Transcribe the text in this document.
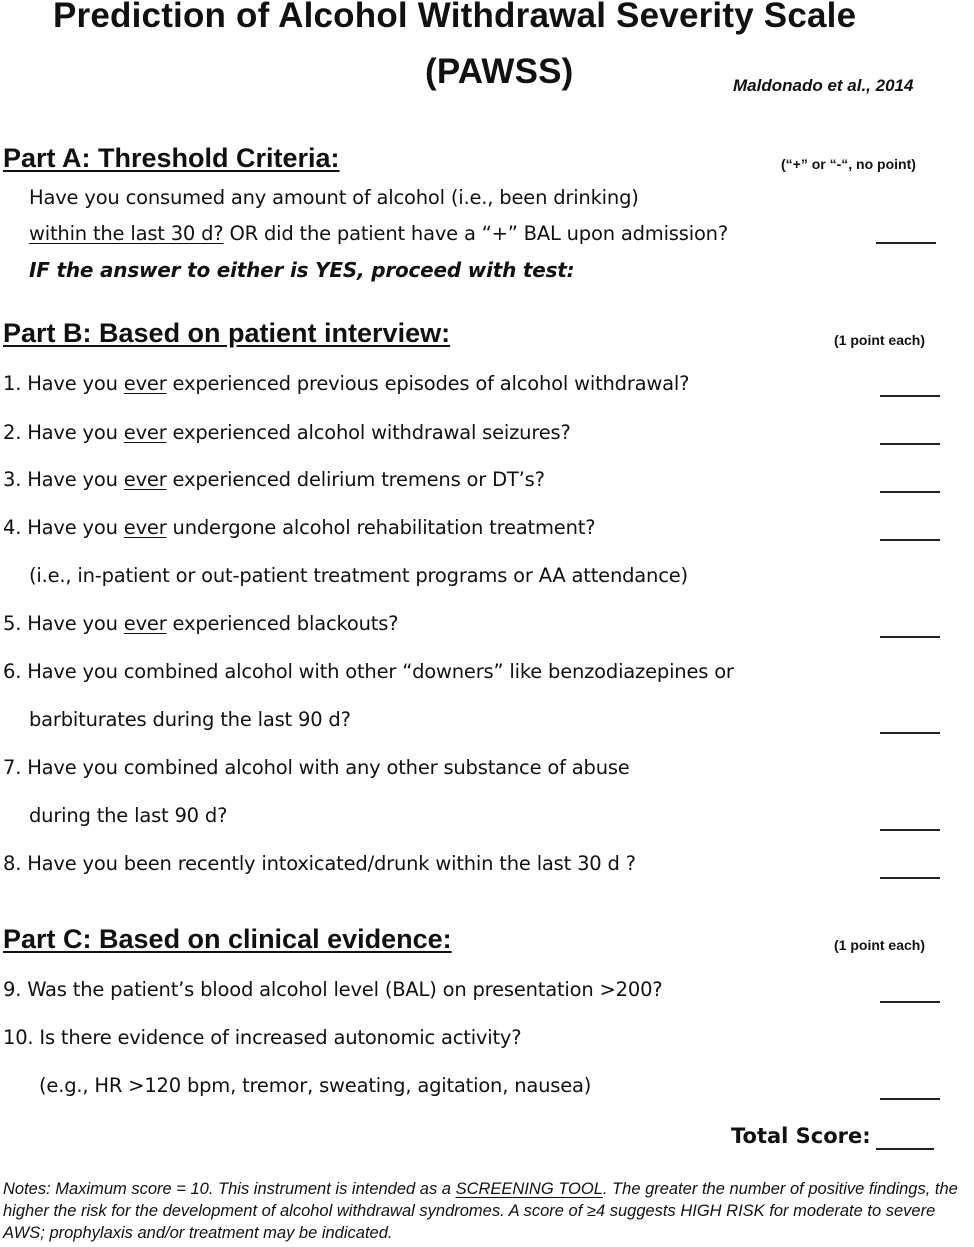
Prediction of Alcohol Withdrawal Severity Scale
(PAWSS)	Maldonado et al., 2014
Part A: Threshold Criteria:	(“+” or “-“, no point)
Have you consumed any amount of alcohol (i.e., been drinking)
within the last 30 d? OR did the patient have a “+” BAL upon admission?
IF the answer to either is YES, proceed with test:
Part B: Based on patient interview:	(1 point each)
1. Have you ever experienced previous episodes of alcohol withdrawal?
2. Have you ever experienced alcohol withdrawal seizures?
3. Have you ever experienced delirium tremens or DT’s?
4. Have you ever undergone alcohol rehabilitation treatment?
(i.e., in-patient or out-patient treatment programs or AA attendance)
5. Have you ever experienced blackouts?
6. Have you combined alcohol with other “downers” like benzodiazepines or
barbiturates during the last 90 d?
7. Have you combined alcohol with any other substance of abuse
during the last 90 d?
8. Have you been recently intoxicated/drunk within the last 30 d ?
Part C: Based on clinical evidence:	(1 point each)
9. Was the patient’s blood alcohol level (BAL) on presentation >200?
10. Is there evidence of increased autonomic activity?
(e.g., HR >120 bpm, tremor, sweating, agitation, nausea)
Total Score:
Notes: Maximum score = 10. This instrument is intended as a SCREENING TOOL. The greater the number of positive findings, the higher the risk for the development of alcohol withdrawal syndromes. A score of ≥4 suggests HIGH RISK for moderate to severe AWS; prophylaxis and/or treatment may be indicated.
